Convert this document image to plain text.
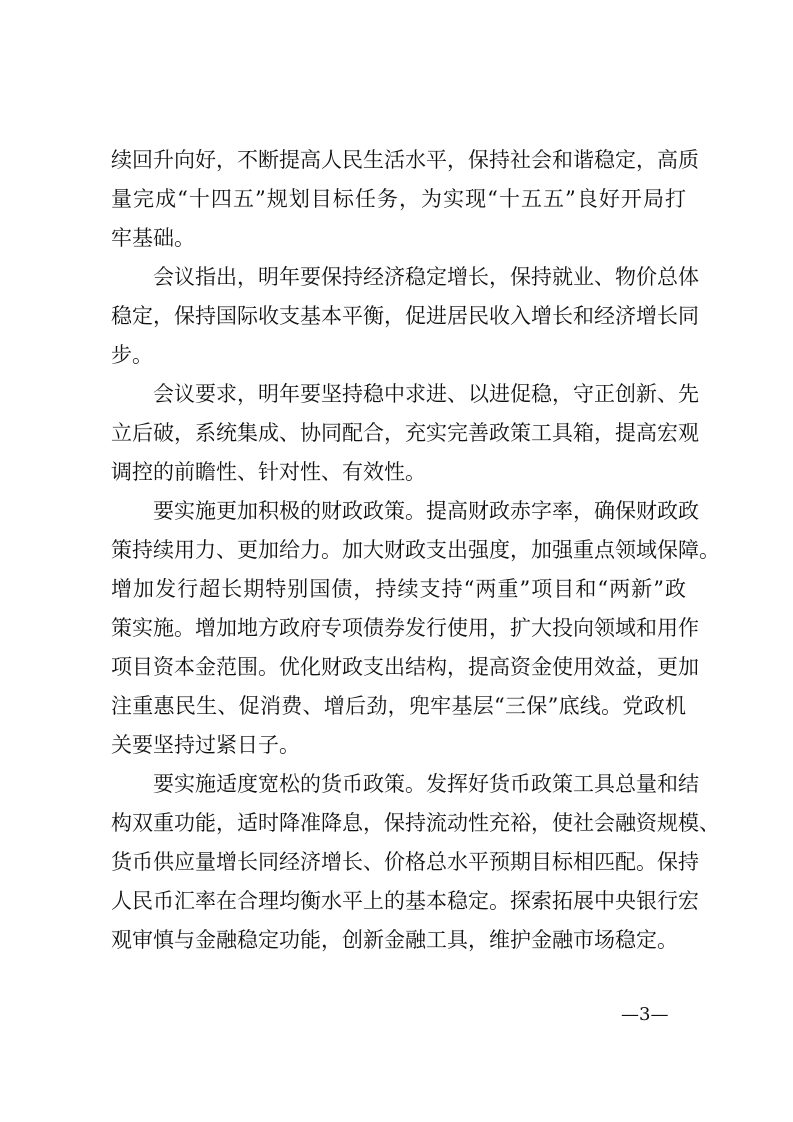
续回升向好，不断提高人民生活水平，保持社会和谐稳定，高质
量完成“十四五”规划目标任务，为实现“十五五”良好开局打
牢基础。
会议指出，明年要保持经济稳定增长，保持就业、物价总体
稳定，保持国际收支基本平衡，促进居民收入增长和经济增长同
步。
会议要求，明年要坚持稳中求进、以进促稳，守正创新、先
立后破，系统集成、协同配合，充实完善政策工具箱，提高宏观
调控的前瞻性、针对性、有效性。
要实施更加积极的财政政策。提高财政赤字率，确保财政政
策持续用力、更加给力。加大财政支出强度，加强重点领域保障。
增加发行超长期特别国债，持续支持“两重”项目和“两新”政
策实施。增加地方政府专项债券发行使用，扩大投向领域和用作
项目资本金范围。优化财政支出结构，提高资金使用效益，更加
注重惠民生、促消费、增后劲，兜牢基层“三保”底线。党政机
关要坚持过紧日子。
要实施适度宽松的货币政策。发挥好货币政策工具总量和结
构双重功能，适时降准降息，保持流动性充裕，使社会融资规模、
货币供应量增长同经济增长、价格总水平预期目标相匹配。保持
人民币汇率在合理均衡水平上的基本稳定。探索拓展中央银行宏
观审慎与金融稳定功能，创新金融工具，维护金融市场稳定。
—3—
